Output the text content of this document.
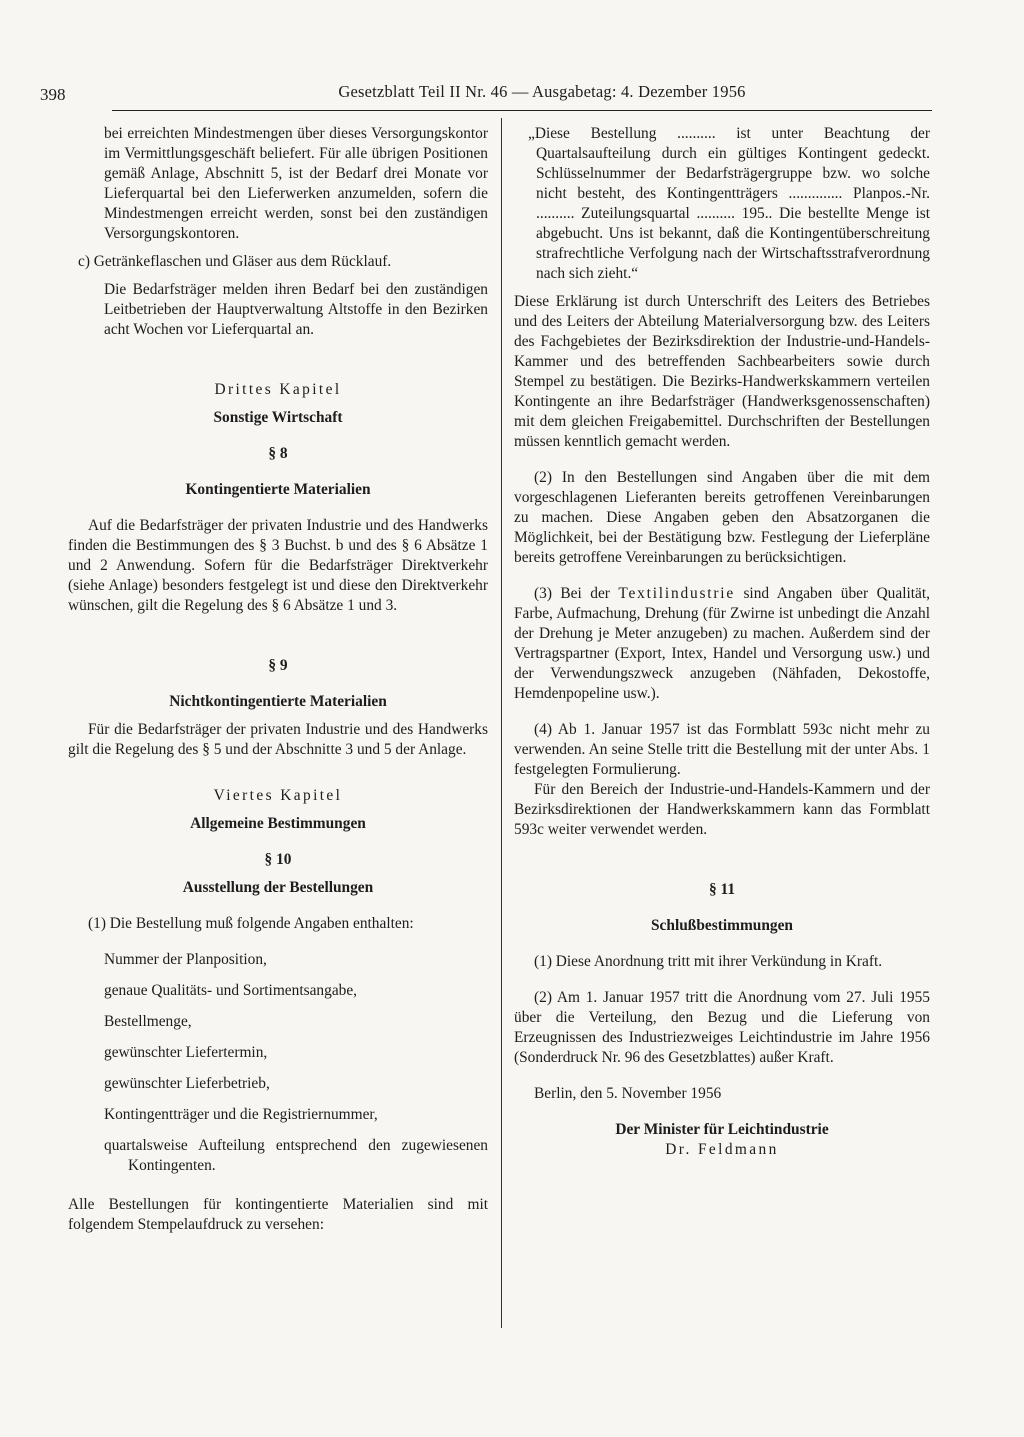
398	Gesetzblatt Teil II Nr. 46 — Ausgabetag: 4. Dezember 1956

bei erreichten Mindestmengen über dieses Versorgungskontor im Vermittlungsgeschäft beliefert. Für alle übrigen Positionen gemäß Anlage, Abschnitt 5, ist der Bedarf drei Monate vor Lieferquartal bei den Lieferwerken anzumelden, sofern die Mindestmengen erreicht werden, sonst bei den zuständigen Versorgungskontoren.

c) Getränkeflaschen und Gläser aus dem Rücklauf.

Die Bedarfsträger melden ihren Bedarf bei den zuständigen Leitbetrieben der Hauptverwaltung Altstoffe in den Bezirken acht Wochen vor Lieferquartal an.

Drittes Kapitel

Sonstige Wirtschaft

§ 8

Kontingentierte Materialien

Auf die Bedarfsträger der privaten Industrie und des Handwerks finden die Bestimmungen des § 3 Buchst. b und des § 6 Absätze 1 und 2 Anwendung. Sofern für die Bedarfsträger Direktverkehr (siehe Anlage) besonders festgelegt ist und diese den Direktverkehr wünschen, gilt die Regelung des § 6 Absätze 1 und 3.

§ 9

Nichtkontingentierte Materialien

Für die Bedarfsträger der privaten Industrie und des Handwerks gilt die Regelung des § 5 und der Abschnitte 3 und 5 der Anlage.

Viertes Kapitel

Allgemeine Bestimmungen

§ 10

Ausstellung der Bestellungen

(1) Die Bestellung muß folgende Angaben enthalten:

Nummer der Planposition,

genaue Qualitäts- und Sortimentsangabe,

Bestellmenge,

gewünschter Liefertermin,

gewünschter Lieferbetrieb,

Kontingentträger und die Registriernummer,

quartalsweise Aufteilung entsprechend den zugewiesenen Kontingenten.

Alle Bestellungen für kontingentierte Materialien sind mit folgendem Stempelaufdruck zu versehen:

„Diese Bestellung .......... ist unter Beachtung der Quartalsaufteilung durch ein gültiges Kontingent gedeckt. Schlüsselnummer der Bedarfsträgergruppe bzw. wo solche nicht besteht, des Kontingentträgers .............. Planpos.-Nr. .......... Zuteilungsquartal .......... 195.. Die bestellte Menge ist abgebucht. Uns ist bekannt, daß die Kontingentüberschreitung strafrechtliche Verfolgung nach der Wirtschaftsstrafverordnung nach sich zieht.“

Diese Erklärung ist durch Unterschrift des Leiters des Betriebes und des Leiters der Abteilung Materialversorgung bzw. des Leiters des Fachgebietes der Bezirksdirektion der Industrie-und-Handels-Kammer und des betreffenden Sachbearbeiters sowie durch Stempel zu bestätigen. Die Bezirks-Handwerkskammern verteilen Kontingente an ihre Bedarfsträger (Handwerksgenossenschaften) mit dem gleichen Freigabemittel. Durchschriften der Bestellungen müssen kenntlich gemacht werden.

(2) In den Bestellungen sind Angaben über die mit dem vorgeschlagenen Lieferanten bereits getroffenen Vereinbarungen zu machen. Diese Angaben geben den Absatzorganen die Möglichkeit, bei der Bestätigung bzw. Festlegung der Lieferpläne bereits getroffene Vereinbarungen zu berücksichtigen.

(3) Bei der Textilindustrie sind Angaben über Qualität, Farbe, Aufmachung, Drehung (für Zwirne ist unbedingt die Anzahl der Drehung je Meter anzugeben) zu machen. Außerdem sind der Vertragspartner (Export, Intex, Handel und Versorgung usw.) und der Verwendungszweck anzugeben (Nähfaden, Dekostoffe, Hemdenpopeline usw.).

(4) Ab 1. Januar 1957 ist das Formblatt 593c nicht mehr zu verwenden. An seine Stelle tritt die Bestellung mit der unter Abs. 1 festgelegten Formulierung.

Für den Bereich der Industrie-und-Handels-Kammern und der Bezirksdirektionen der Handwerkskammern kann das Formblatt 593c weiter verwendet werden.

§ 11

Schlußbestimmungen

(1) Diese Anordnung tritt mit ihrer Verkündung in Kraft.

(2) Am 1. Januar 1957 tritt die Anordnung vom 27. Juli 1955 über die Verteilung, den Bezug und die Lieferung von Erzeugnissen des Industriezweiges Leichtindustrie im Jahre 1956 (Sonderdruck Nr. 96 des Gesetzblattes) außer Kraft.

Berlin, den 5. November 1956

Der Minister für Leichtindustrie

Dr. Feldmann
